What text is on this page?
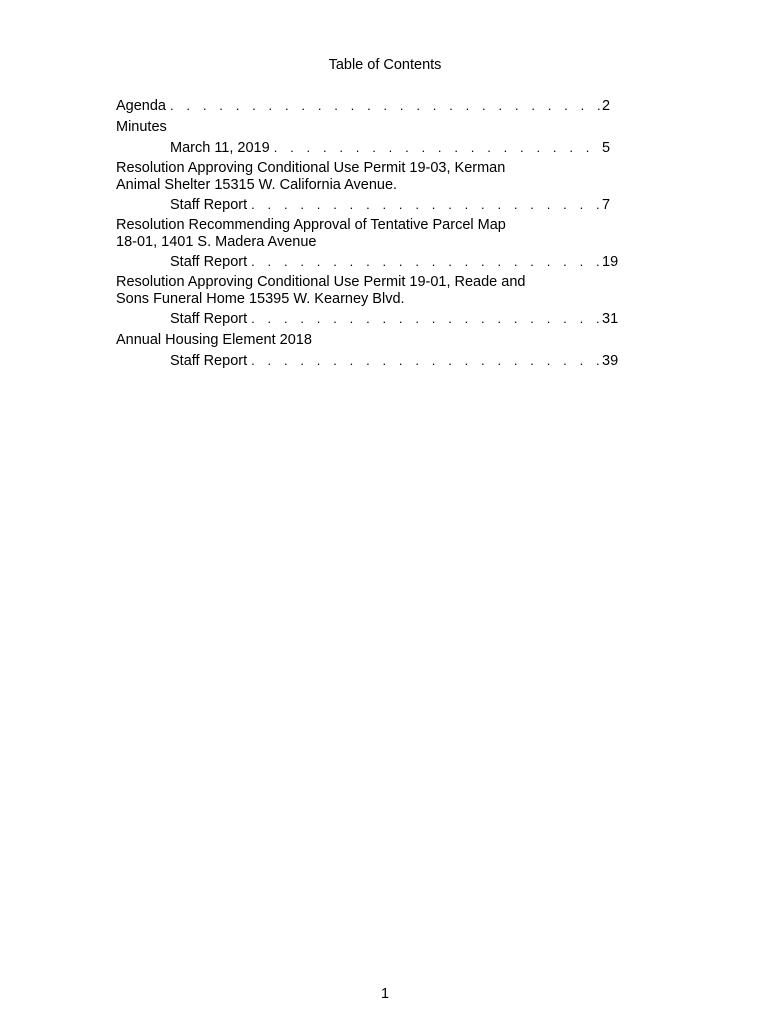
Table of Contents
Agenda . . .	2
Minutes
March 11, 2019 . . .	5
Resolution Approving Conditional Use Permit 19-03, Kerman
Animal Shelter 15315 W. California Avenue.
Staff Report . . .	7
Resolution Recommending Approval of Tentative Parcel Map
18-01, 1401 S. Madera Avenue
Staff Report . . .	19
Resolution Approving Conditional Use Permit 19-01, Reade and
Sons Funeral Home 15395 W. Kearney Blvd.
Staff Report . . .	31
Annual Housing Element 2018
Staff Report . . .	39
1
